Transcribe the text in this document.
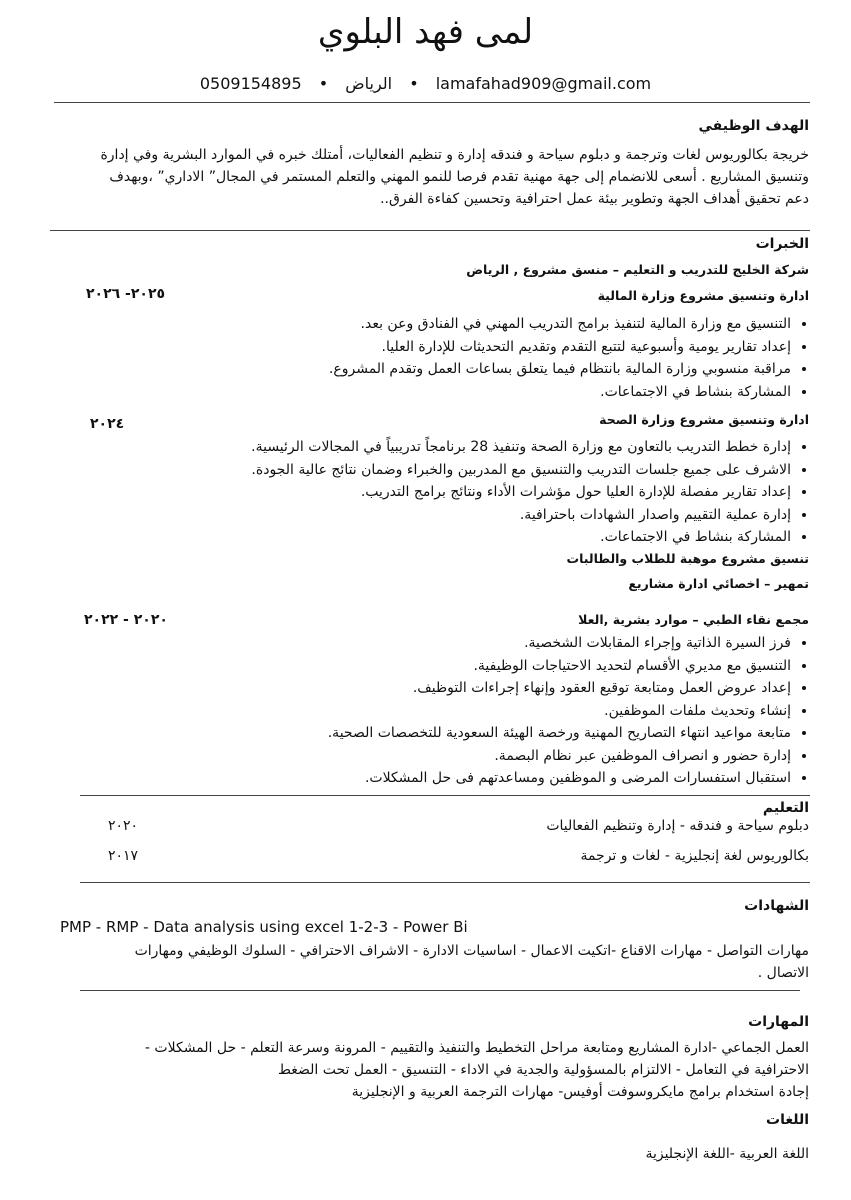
لمى فهد البلوي
lamafahad909@gmail.com • الرياض • 0509154895
الهدف الوظيفي
خريجة بكالوريوس لغات وترجمة و دبلوم سياحة و فندقه إدارة و تنظيم الفعاليات، أمتلك خبره في الموارد البشرية وفي إدارة
وتنسيق المشاريع . أسعى للانضمام إلى جهة مهنية تقدم فرصا للنمو المهني والتعلم المستمر في المجال” الاداري” ،وبهدف
دعم تحقيق أهداف الجهة وتطوير بيئة عمل احترافية وتحسين كفاءة الفرق..
الخبرات
شركة الخليج للتدريب و التعليم – منسق مشروع , الرياض
ادارة وتنسيق مشروع وزارة المالية
٢٠٢٥- ٢٠٢٦
• التنسيق مع وزارة المالية لتنفيذ برامج التدريب المهني في الفنادق وعن بعد.
• إعداد تقارير يومية وأسبوعية لتتبع التقدم وتقديم التحديثات للإدارة العليا.
• مراقبة منسوبي وزارة المالية بانتظام فيما يتعلق بساعات العمل وتقدم المشروع.
• المشاركة بنشاط في الاجتماعات.
ادارة وتنسيق مشروع وزارة الصحة
٢٠٢٤
• إدارة خطط التدريب بالتعاون مع وزارة الصحة وتنفيذ 28 برنامجاً تدريبياً في المجالات الرئيسية.
• الاشرف على جميع جلسات التدريب والتنسيق مع المدربين والخبراء وضمان نتائج عالية الجودة.
• إعداد تقارير مفصلة للإدارة العليا حول مؤشرات الأداء ونتائج برامج التدريب.
• إدارة عملية التقييم واصدار الشهادات باحترافية.
• المشاركة بنشاط في الاجتماعات.
تنسيق مشروع موهبة للطلاب والطالبات
تمهير – اخصائي ادارة مشاريع
مجمع نقاء الطبي – موارد بشرية ,العلا
٢٠٢٠ - ٢٠٢٢
• فرز السيرة الذاتية وإجراء المقابلات الشخصية.
• التنسيق مع مديري الأقسام لتحديد الاحتياجات الوظيفية.
• إعداد عروض العمل ومتابعة توقيع العقود وإنهاء إجراءات التوظيف.
• إنشاء وتحديث ملفات الموظفين.
• متابعة مواعيد انتهاء التصاريح المهنية ورخصة الهيئة السعودية للتخصصات الصحية.
• إدارة حضور و انصراف الموظفين عبر نظام البصمة.
• استقبال استفسارات المرضى و الموظفين ومساعدتهم فى حل المشكلات.
التعليم
دبلوم سياحة و فندقه - إدارة وتنظيم الفعاليات
٢٠٢٠
بكالوريوس لغة إنجليزية - لغات و ترجمة
٢٠١٧
الشهادات
PMP - RMP - Data analysis using excel 1-2-3 - Power Bi
مهارات التواصل - مهارات الاقناع -اتكيت الاعمال - اساسيات الادارة - الاشراف الاحترافي - السلوك الوظيفي ومهارات
الاتصال .
المهارات
العمل الجماعي -ادارة المشاريع ومتابعة مراحل التخطيط والتنفيذ والتقييم - المرونة وسرعة التعلم - حل المشكلات -
الاحترافية في التعامل - الالتزام بالمسؤولية والجدية في الاداء - التنسيق - العمل تحت الضغط
إجادة استخدام برامج مايكروسوفت أوفيس- مهارات الترجمة العربية و الإنجليزية
اللغات
اللغة العربية -اللغة الإنجليزية
